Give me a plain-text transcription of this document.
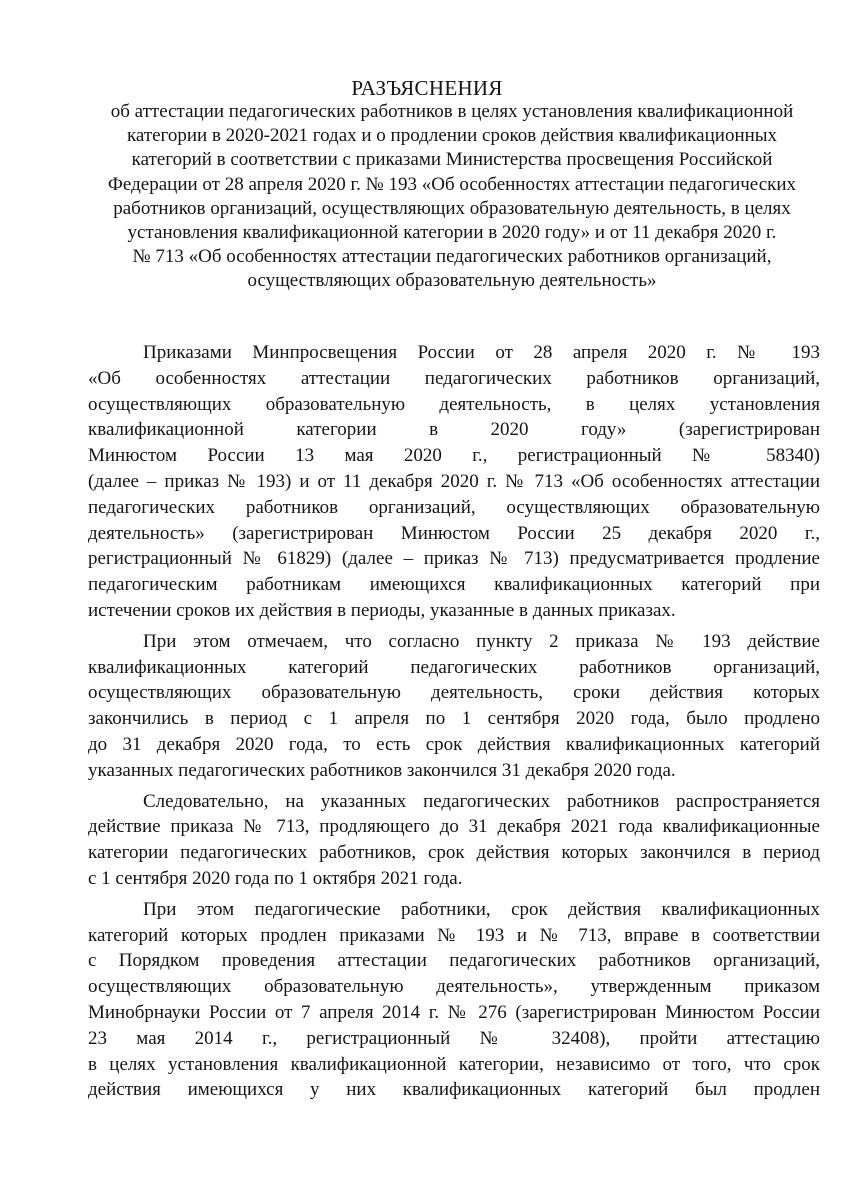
РАЗЪЯСНЕНИЯ
об аттестации педагогических работников в целях установления квалификационной
категории в 2020-2021 годах и о продлении сроков действия квалификационных
категорий в соответствии с приказами Министерства просвещения Российской
Федерации от 28 апреля 2020 г. № 193 «Об особенностях аттестации педагогических
работников организаций, осуществляющих образовательную деятельность, в целях
установления квалификационной категории в 2020 году» и от 11 декабря 2020 г.
№ 713 «Об особенностях аттестации педагогических работников организаций,
осуществляющих образовательную деятельность»
Приказами Минпросвещения России от 28 апреля 2020 г. № 193
«Об особенностях аттестации педагогических работников организаций,
осуществляющих образовательную деятельность, в целях установления
квалификационной категории в 2020 году» (зарегистрирован
Минюстом России 13 мая 2020 г., регистрационный № 58340)
(далее – приказ № 193) и от 11 декабря 2020 г. № 713 «Об особенностях аттестации
педагогических работников организаций, осуществляющих образовательную
деятельность» (зарегистрирован Минюстом России 25 декабря 2020 г.,
регистрационный № 61829) (далее – приказ № 713) предусматривается продление
педагогическим работникам имеющихся квалификационных категорий при
истечении сроков их действия в периоды, указанные в данных приказах.
При этом отмечаем, что согласно пункту 2 приказа № 193 действие
квалификационных категорий педагогических работников организаций,
осуществляющих образовательную деятельность, сроки действия которых
закончились в период с 1 апреля по 1 сентября 2020 года, было продлено
до 31 декабря 2020 года, то есть срок действия квалификационных категорий
указанных педагогических работников закончился 31 декабря 2020 года.
Следовательно, на указанных педагогических работников распространяется
действие приказа № 713, продляющего до 31 декабря 2021 года квалификационные
категории педагогических работников, срок действия которых закончился в период
с 1 сентября 2020 года по 1 октября 2021 года.
При этом педагогические работники, срок действия квалификационных
категорий которых продлен приказами № 193 и № 713, вправе в соответствии
с Порядком проведения аттестации педагогических работников организаций,
осуществляющих образовательную деятельность», утвержденным приказом
Минобрнауки России от 7 апреля 2014 г. № 276 (зарегистрирован Минюстом России
23 мая 2014 г., регистрационный № 32408), пройти аттестацию
в целях установления квалификационной категории, независимо от того, что срок
действия имеющихся у них квалификационных категорий был продлен
